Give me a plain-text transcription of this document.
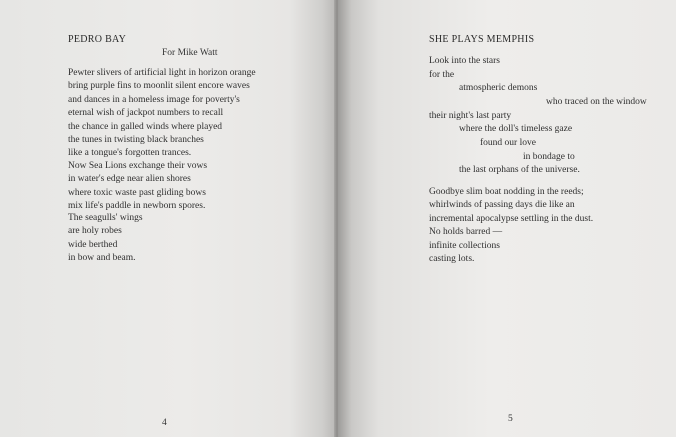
PEDRO BAY
For Mike Watt
Pewter slivers of artificial light in horizon orange
bring purple fins to moonlit silent encore waves
and dances in a homeless image for poverty's
eternal wish of jackpot numbers to recall
the chance in galled winds where played
the tunes in twisting black branches
like a tongue's forgotten trances.
Now Sea Lions exchange their vows
in water's edge near alien shores
where toxic waste past gliding bows
mix life's paddle in newborn spores.
The seagulls' wings
are holy robes
wide berthed
in bow and beam.
4
SHE PLAYS MEMPHIS
Look into the stars
for the
atmospheric demons
who traced on the window
their night's last party
where the doll's timeless gaze
found our love
in bondage to
the last orphans of the universe.
Goodbye slim boat nodding in the reeds;
whirlwinds of passing days die like an
incremental apocalypse settling in the dust.
No holds barred —
infinite collections
casting lots.
5
